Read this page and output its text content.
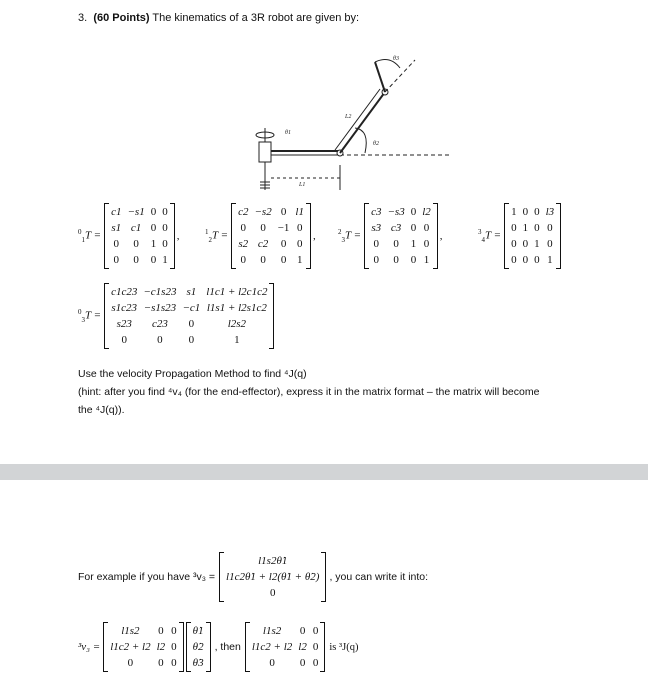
3. (60 Points) The kinematics of a 3R robot are given by:
θ1
θ2
θ3
L1
L2
$^0_1$T =
c1	−s1	0	0
s1	c1	0	0
0	0	1	0
0	0	0	1
,	$^1_2$T =
c2	−s2	0	l1
0	0	−1	0
s2	c2	0	0
0	0	0	1
,	$^2_3$T =
c3	−s3	0	l2
s3	c3	0	0
0	0	1	0
0	0	0	1
,	$^3_4$T =
1	0	0	l3
0	1	0	0
0	0	1	0
0	0	0	1
$^0_3$T =
c1c23	−c1s23	s1	l1c1 + l2c1c2
s1c23	−s1s23	−c1	l1s1 + l2s1c2
s23	c23	0	l2s2
0	0	0	1
Use the velocity Propagation Method to find ⁴J(q)
(hint: after you find ⁴v₄ (for the end-effector), express it in the matrix format – the matrix will become
the ⁴J(q)).
For example if you have ³v₃ =
l1s2θ̇1
l1c2θ̇1 + l2(θ̇1 + θ̇2)
0
, you can write it into:
³v₃ =
l1s2	0	0
l1c2 + l2	l2	0
0	0	0
θ̇1
θ̇2
θ̇3
, then
l1s2	0	0
l1c2 + l2	l2	0
0	0	0
is ³J(q)
